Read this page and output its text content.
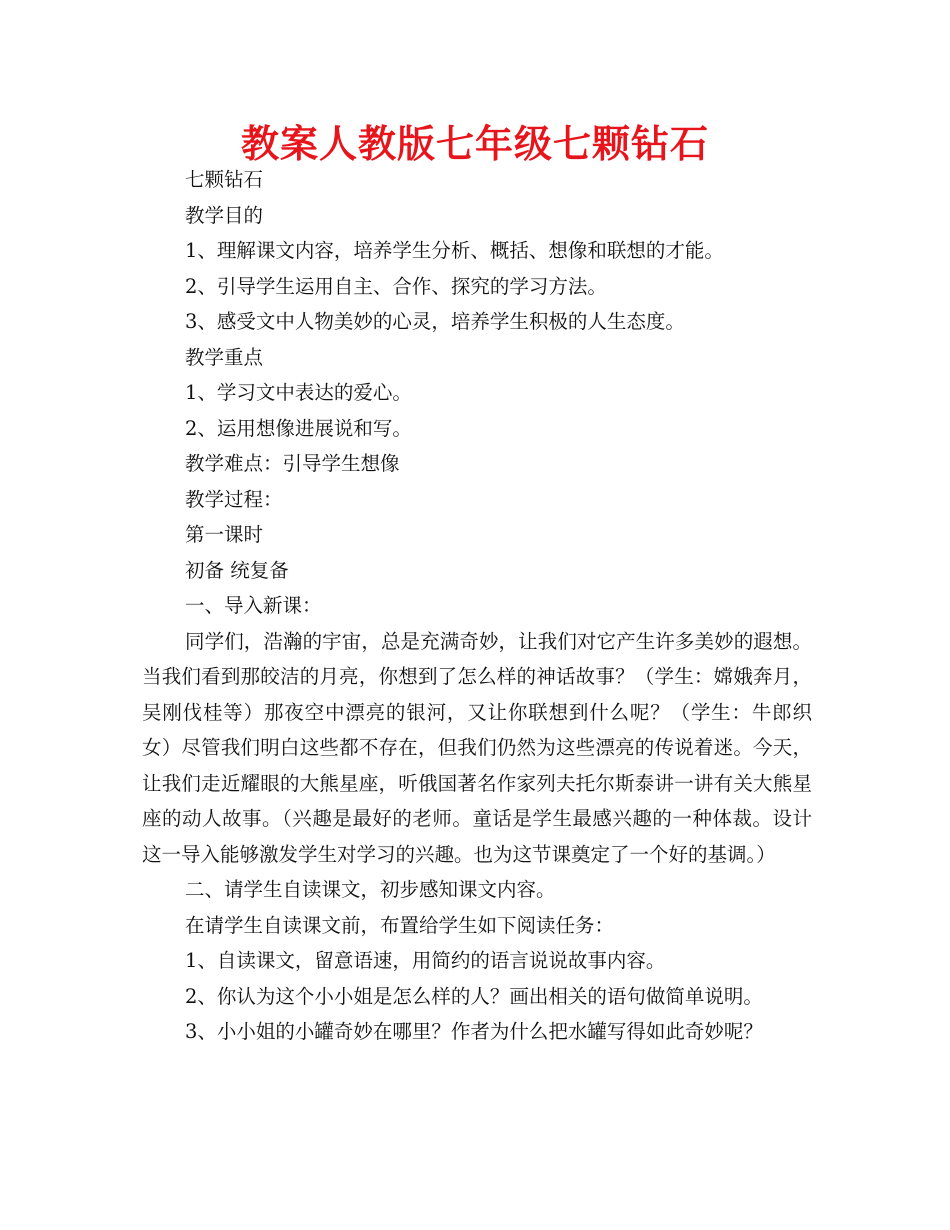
教案人教版七年级七颗钻石

七颗钻石

教学目的

1、理解课文内容，培养学生分析、概括、想像和联想的才能。

2、引导学生运用自主、合作、探究的学习方法。

3、感受文中人物美妙的心灵，培养学生积极的人生态度。

教学重点

1、学习文中表达的爱心。

2、运用想像进展说和写。

教学难点：引导学生想像

教学过程：

第一课时

初备 统复备

一、导入新课：

同学们，浩瀚的宇宙，总是充满奇妙，让我们对它产生许多美妙的遐想。当我们看到那皎洁的月亮，你想到了怎么样的神话故事？（学生：嫦娥奔月，吴刚伐桂等）那夜空中漂亮的银河，又让你联想到什么呢？（学生：牛郎织女）尽管我们明白这些都不存在，但我们仍然为这些漂亮的传说着迷。今天，让我们走近耀眼的大熊星座，听俄国著名作家列夫托尔斯泰讲一讲有关大熊星座的动人故事。（兴趣是最好的老师。童话是学生最感兴趣的一种体裁。设计这一导入能够激发学生对学习的兴趣。也为这节课奠定了一个好的基调。）

二、请学生自读课文，初步感知课文内容。

在请学生自读课文前，布置给学生如下阅读任务：

1、自读课文，留意语速，用简约的语言说说故事内容。

2、你认为这个小小姐是怎么样的人？画出相关的语句做简单说明。

3、小小姐的小罐奇妙在哪里？作者为什么把水罐写得如此奇妙呢？
